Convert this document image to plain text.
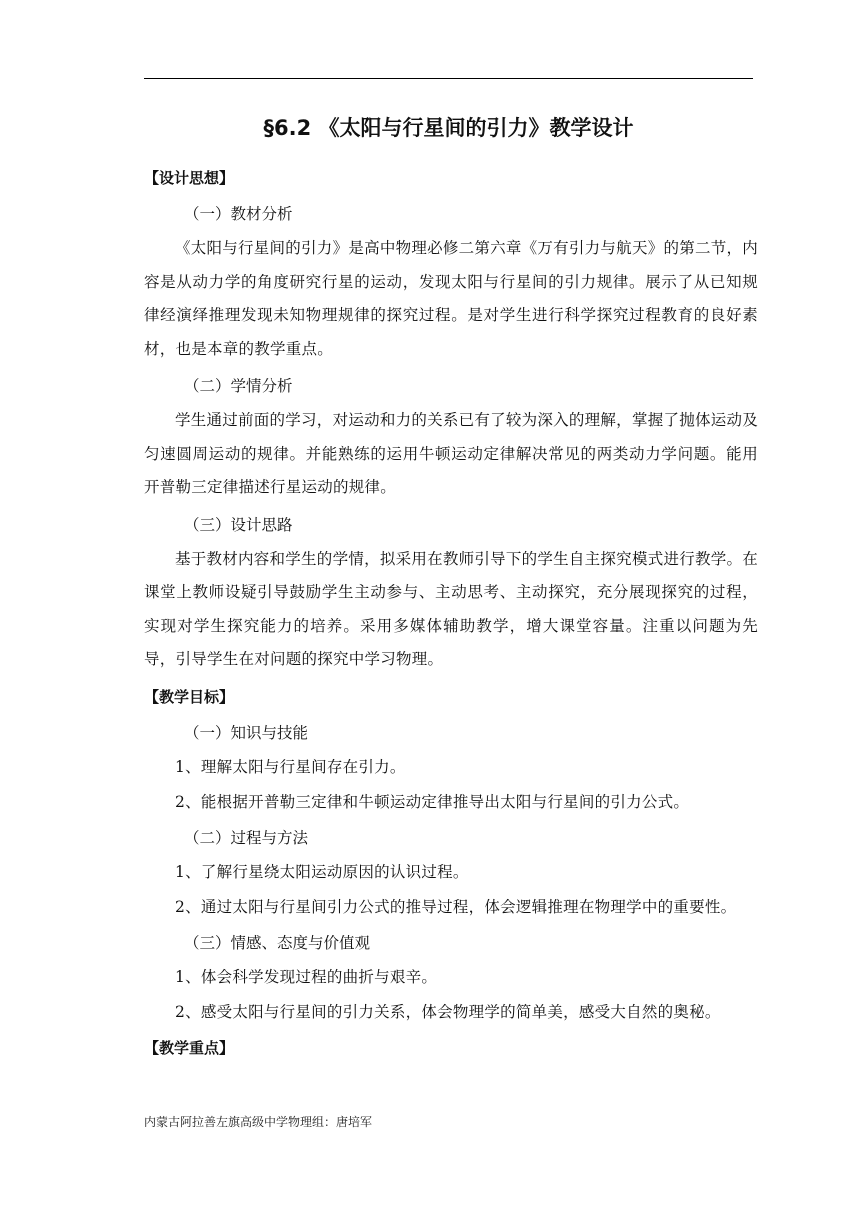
§6.2 《太阳与行星间的引力》教学设计
【设计思想】
（一）教材分析

《太阳与行星间的引力》是高中物理必修二第六章《万有引力与航天》的第二节，内容是从动力学的角度研究行星的运动，发现太阳与行星间的引力规律。展示了从已知规律经演绎推理发现未知物理规律的探究过程。是对学生进行科学探究过程教育的良好素材，也是本章的教学重点。

（二）学情分析

学生通过前面的学习，对运动和力的关系已有了较为深入的理解，掌握了抛体运动及匀速圆周运动的规律。并能熟练的运用牛顿运动定律解决常见的两类动力学问题。能用开普勒三定律描述行星运动的规律。

（三）设计思路

基于教材内容和学生的学情，拟采用在教师引导下的学生自主探究模式进行教学。在课堂上教师设疑引导鼓励学生主动参与、主动思考、主动探究，充分展现探究的过程，实现对学生探究能力的培养。采用多媒体辅助教学，增大课堂容量。注重以问题为先导，引导学生在对问题的探究中学习物理。

【教学目标】
（一）知识与技能

1、理解太阳与行星间存在引力。

2、能根据开普勒三定律和牛顿运动定律推导出太阳与行星间的引力公式。

（二）过程与方法

1、了解行星绕太阳运动原因的认识过程。

2、通过太阳与行星间引力公式的推导过程，体会逻辑推理在物理学中的重要性。

（三）情感、态度与价值观

1、体会科学发现过程的曲折与艰辛。

2、感受太阳与行星间的引力关系，体会物理学的简单美，感受大自然的奥秘。

【教学重点】
内蒙古阿拉善左旗高级中学物理组：唐培军
